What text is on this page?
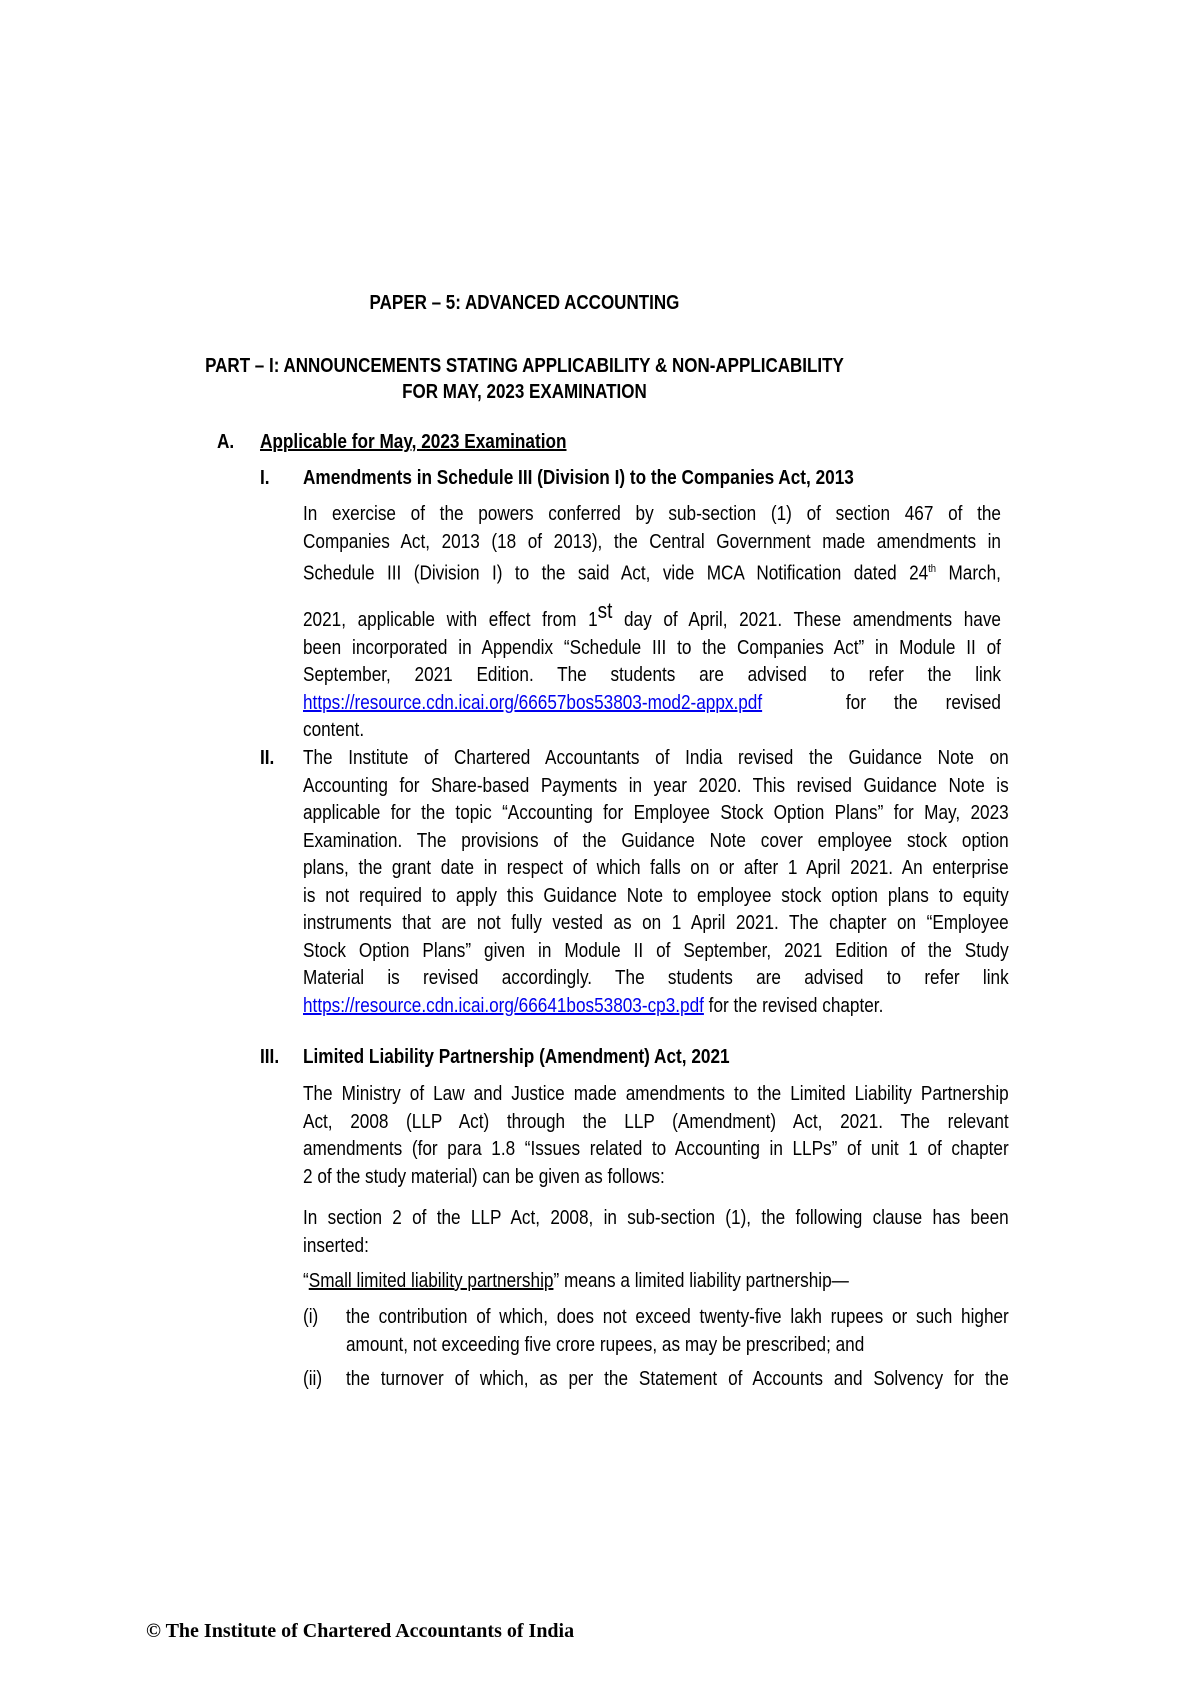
PAPER – 5: ADVANCED ACCOUNTING
PART – I: ANNOUNCEMENTS STATING APPLICABILITY & NON-APPLICABILITY
FOR MAY, 2023 EXAMINATION
A. Applicable for May, 2023 Examination
I. Amendments in Schedule III (Division I) to the Companies Act, 2013
In exercise of the powers conferred by sub-section (1) of section 467 of the
Companies Act, 2013 (18 of 2013), the Central Government made amendments in
Schedule III (Division I) to the said Act, vide MCA Notification dated 24th March,
2021, applicable with effect from 1st day of April, 2021. These amendments have
been incorporated in Appendix “Schedule III to the Companies Act” in Module II of
September, 2021 Edition. The students are advised to refer the link
https://resource.cdn.icai.org/66657bos53803-mod2-appx.pdf	for the revised
content.
II. The Institute of Chartered Accountants of India revised the Guidance Note on
Accounting for Share-based Payments in year 2020. This revised Guidance Note is
applicable for the topic “Accounting for Employee Stock Option Plans” for May, 2023
Examination. The provisions of the Guidance Note cover employee stock option
plans, the grant date in respect of which falls on or after 1 April 2021. An enterprise
is not required to apply this Guidance Note to employee stock option plans to equity
instruments that are not fully vested as on 1 April 2021. The chapter on “Employee
Stock Option Plans” given in Module II of September, 2021 Edition of the Study
Material is revised accordingly. The students are advised to refer link
https://resource.cdn.icai.org/66641bos53803-cp3.pdf for the revised chapter.
III. Limited Liability Partnership (Amendment) Act, 2021
The Ministry of Law and Justice made amendments to the Limited Liability Partnership
Act, 2008 (LLP Act) through the LLP (Amendment) Act, 2021. The relevant
amendments (for para 1.8 “Issues related to Accounting in LLPs” of unit 1 of chapter
2 of the study material) can be given as follows:
In section 2 of the LLP Act, 2008, in sub-section (1), the following clause has been
inserted:
“Small limited liability partnership” means a limited liability partnership—
(i) the contribution of which, does not exceed twenty-five lakh rupees or such higher
amount, not exceeding five crore rupees, as may be prescribed; and
(ii) the turnover of which, as per the Statement of Accounts and Solvency for the
© The Institute of Chartered Accountants of India
